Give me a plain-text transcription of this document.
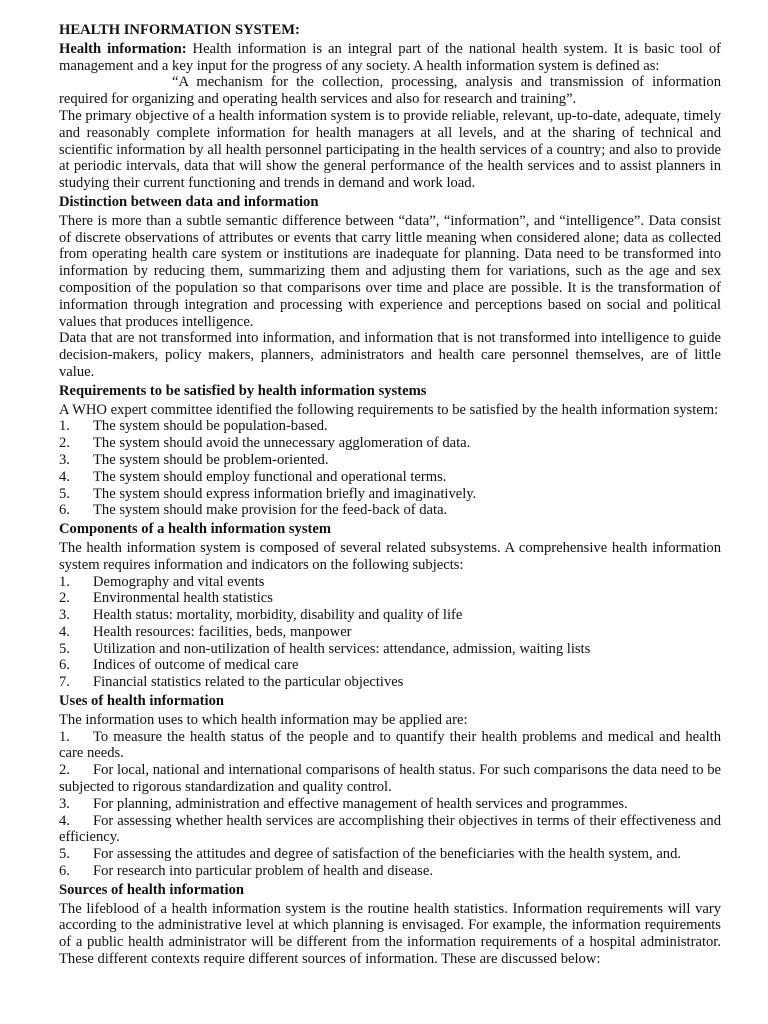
HEALTH INFORMATION SYSTEM:

Health information: Health information is an integral part of the national health system. It is basic tool of management and a key input for the progress of any society. A health information system is defined as:

“A mechanism for the collection, processing, analysis and transmission of information required for organizing and operating health services and also for research and training”.

The primary objective of a health information system is to provide reliable, relevant, up-to-date, adequate, timely and reasonably complete information for health managers at all levels, and at the sharing of technical and scientific information by all health personnel participating in the health services of a country; and also to provide at periodic intervals, data that will show the general performance of the health services and to assist planners in studying their current functioning and trends in demand and work load.

Distinction between data and information

There is more than a subtle semantic difference between “data”, “information”, and “intelligence”. Data consist of discrete observations of attributes or events that carry little meaning when considered alone; data as collected from operating health care system or institutions are inadequate for planning. Data need to be transformed into information by reducing them, summarizing them and adjusting them for variations, such as the age and sex composition of the population so that comparisons over time and place are possible. It is the transformation of information through integration and processing with experience and perceptions based on social and political values that produces intelligence.

Data that are not transformed into information, and information that is not transformed into intelligence to guide decision-makers, policy makers, planners, administrators and health care personnel themselves, are of little value.

Requirements to be satisfied by health information systems

A WHO expert committee identified the following requirements to be satisfied by the health information system:

1.	The system should be population-based.
2.	The system should avoid the unnecessary agglomeration of data.
3.	The system should be problem-oriented.
4.	The system should employ functional and operational terms.
5.	The system should express information briefly and imaginatively.
6.	The system should make provision for the feed-back of data.
Components of a health information system

The health information system is composed of several related subsystems. A comprehensive health information system requires information and indicators on the following subjects:

1.	Demography and vital events
2.	Environmental health statistics
3.	Health status: mortality, morbidity, disability and quality of life
4.	Health resources: facilities, beds, manpower
5.	Utilization and non-utilization of health services: attendance, admission, waiting lists
6.	Indices of outcome of medical care
7.	Financial statistics related to the particular objectives
Uses of health information

The information uses to which health information may be applied are:

1. To measure the health status of the people and to quantify their health problems and medical and health care needs.

2. For local, national and international comparisons of health status. For such comparisons the data need to be subjected to rigorous standardization and quality control.

3. For planning, administration and effective management of health services and programmes.

4. For assessing whether health services are accomplishing their objectives in terms of their effectiveness and efficiency.

5. For assessing the attitudes and degree of satisfaction of the beneficiaries with the health system, and.

6. For research into particular problem of health and disease.

Sources of health information

The lifeblood of a health information system is the routine health statistics. Information requirements will vary according to the administrative level at which planning is envisaged. For example, the information requirements of a public health administrator will be different from the information requirements of a hospital administrator. These different contexts require different sources of information. These are discussed below:
